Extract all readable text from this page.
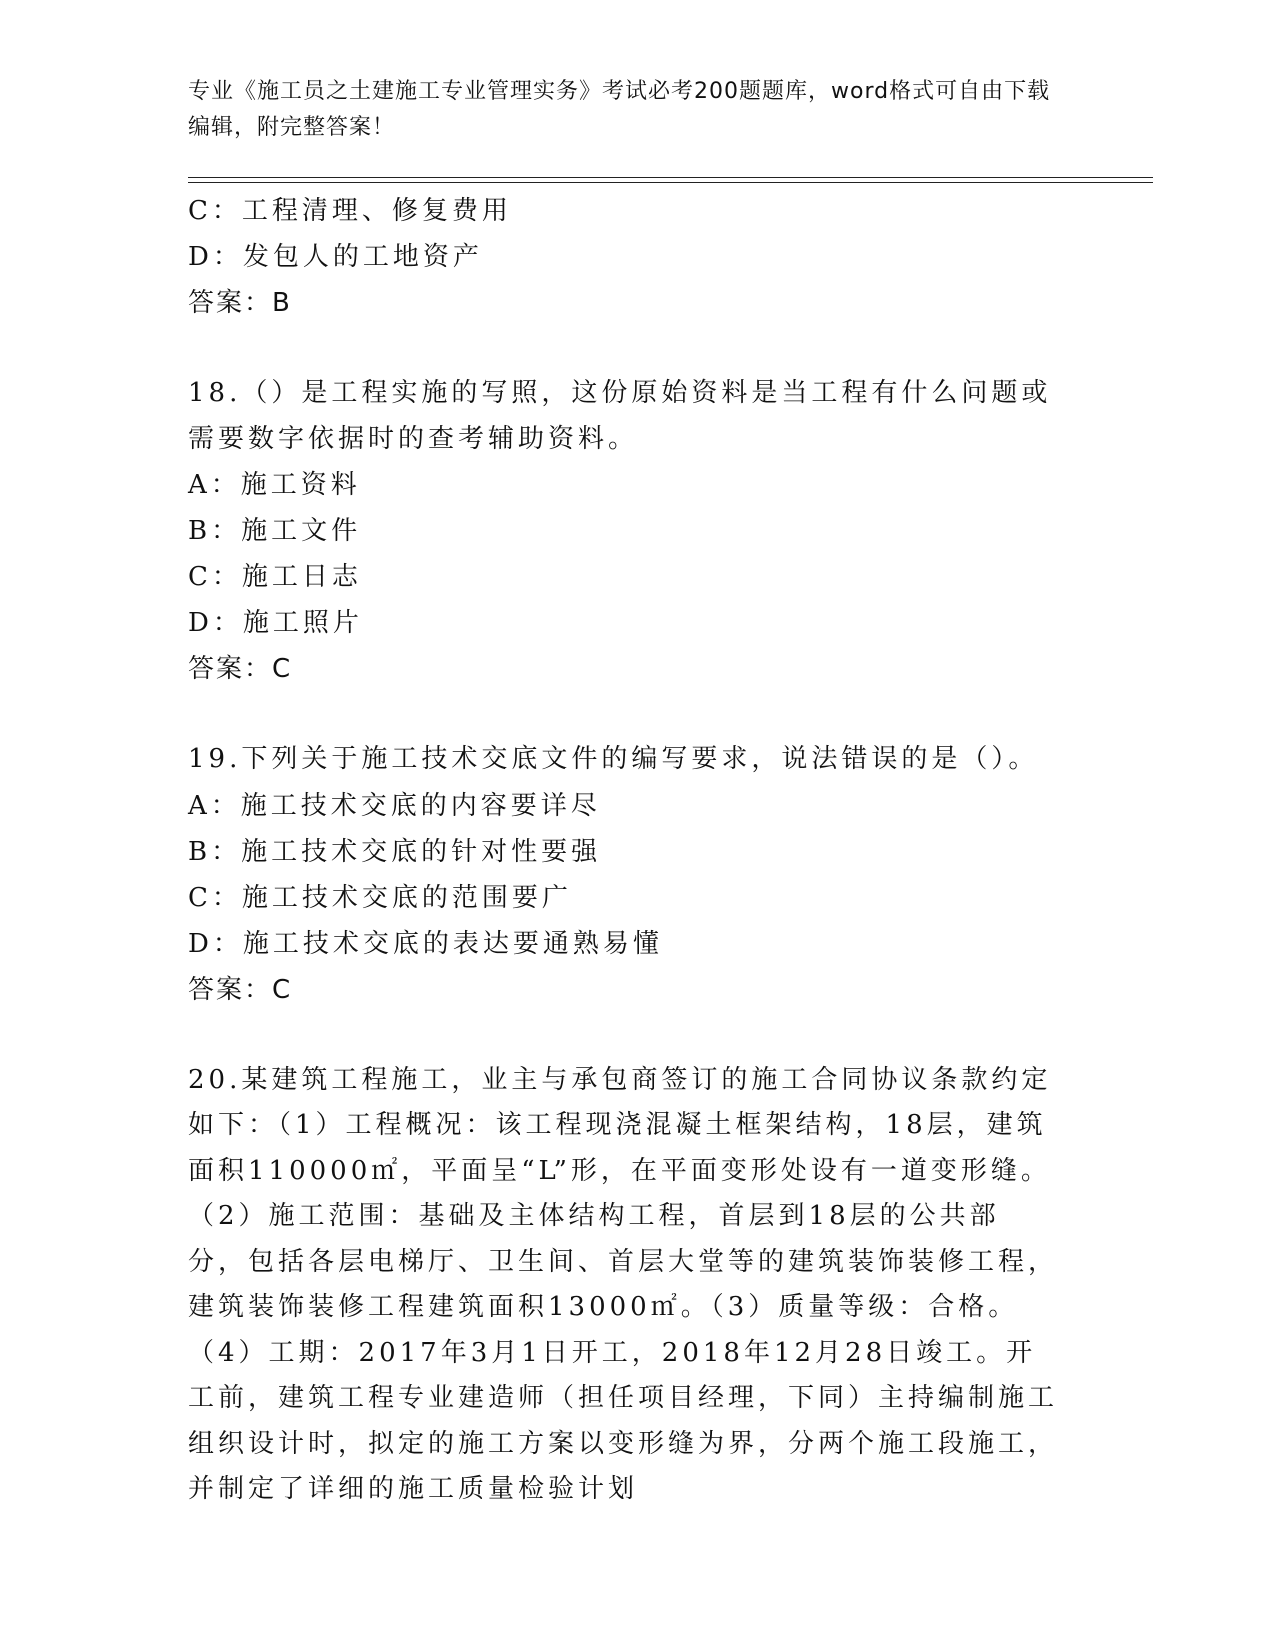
专业《施工员之土建施工专业管理实务》考试必考200题题库，word格式可自由下载编辑，附完整答案！
C：工程清理、修复费用
D：发包人的工地资产
答案：B
18.（）是工程实施的写照，这份原始资料是当工程有什么问题或需要数字依据时的查考辅助资料。
A：施工资料
B：施工文件
C：施工日志
D：施工照片
答案：C
19.下列关于施工技术交底文件的编写要求，说法错误的是（）。
A：施工技术交底的内容要详尽
B：施工技术交底的针对性要强
C：施工技术交底的范围要广
D：施工技术交底的表达要通熟易懂
答案：C
20.某建筑工程施工，业主与承包商签订的施工合同协议条款约定如下：（1）工程概况：该工程现浇混凝土框架结构，18层，建筑面积110000㎡，平面呈“L”形，在平面变形处设有一道变形缝。（2）施工范围：基础及主体结构工程，首层到18层的公共部分，包括各层电梯厅、卫生间、首层大堂等的建筑装饰装修工程，建筑装饰装修工程建筑面积13000㎡。（3）质量等级：合格。（4）工期：2017年3月1日开工，2018年12月28日竣工。开工前，建筑工程专业建造师（担任项目经理，下同）主持编制施工组织设计时，拟定的施工方案以变形缝为界，分两个施工段施工，并制定了详细的施工质量检验计划
